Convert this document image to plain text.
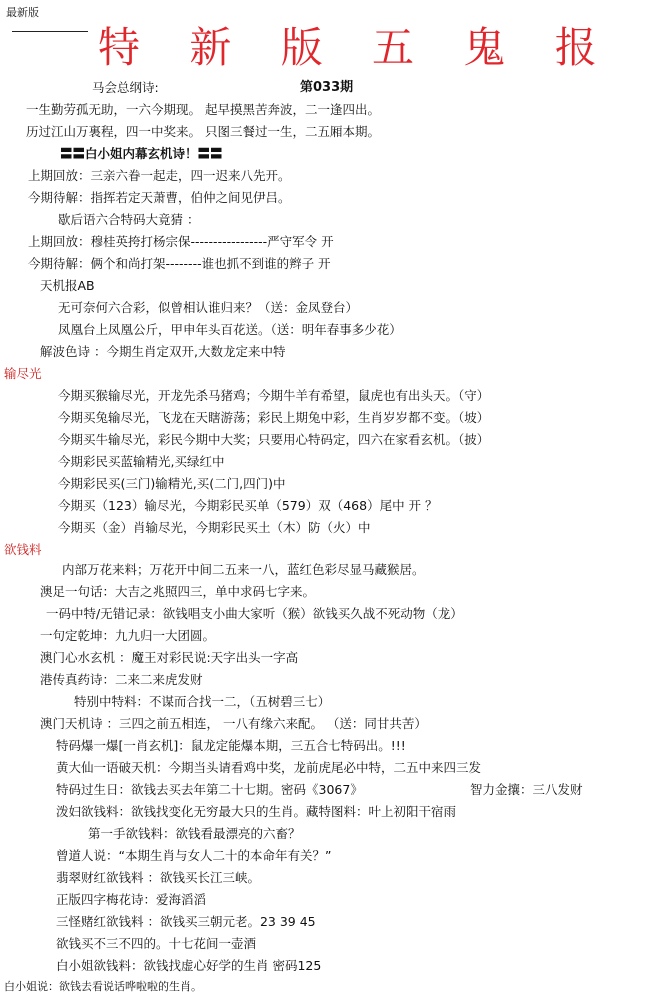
最新版
特 新 版 五 鬼 报
马会总纲诗:	第033期
一生勤劳孤无助，一六今期现。 起早摸黑苦奔波，二一逢四出。
历过江山万裏程，四一中奖来。 只图三餐过一生，二五厢本期。
〓〓白小姐内幕玄机诗！〓〓
上期回放：三亲六眷一起走，四一迟来八先开。
今期待解：指挥若定天萧曹，伯仲之间见伊吕。
歇后语六合特码大竟猜 ：
上期回放：穆桂英挎打杨宗保-----------------严守军令 开
今期待解：俩个和尚打架--------谁也抓不到谁的辫子 开
天机报AB
无可奈何六合彩，似曾相认谁归来？（送：金凤登台）
凤凰台上凤凰公斤，甲申年头百花送。（送：明年春事多少花）
解波色诗 ：今期生肖定双开,大数龙定来中特
输尽光
今期买猴输尽光，开龙先杀马猪鸡；今期牛羊有希望，鼠虎也有出头天。（守）
今期买兔输尽光，飞龙在天瞎游荡；彩民上期兔中彩，生肖岁岁都不变。（坡）
今期买牛输尽光，彩民今期中大奖；只要用心特码定，四六在家看玄机。（披）
今期彩民买蓝输精光,买绿红中
今期彩民买(三门)输精光,买(二门,四门)中
今期买（123）输尽光，今期彩民买单（579）双（468）尾中 开 ？
今期买（金）肖输尽光，今期彩民买土（木）防（火）中
欲钱料
内部万花来料；万花开中间二五来一八，蓝红色彩尽显马藏猴居。
澳足一句话：大吉之兆照四三，单中求码七字来。
一码中特/无错记录：欲钱唱支小曲大家听（猴）欲钱买久战不死动物（龙）
一句定乾坤：九九归一大团圆。
澳门心水玄机 ：魔王对彩民说:天字出头一字高
港传真药诗：二来二来虎发财
特别中特料：不谋而合找一二，（五树碧三七）
澳门天机诗 ：三四之前五相连， 一八有缘六来配。 （送：同甘共苦）
特码爆一爆[一肖玄机]：鼠龙定能爆本期，三五合七特码出。!!!
黄大仙一语破天机：今期当头请看鸡中奖，龙前虎尾必中特，二五中来四三发
特码过生日：欲钱去买去年第二十七期。密码《3067》	智力金攘：三八发财
泼妇欲钱料：欲钱找变化无穷最大只的生肖。藏特图料：叶上初阳干宿雨
第一手欲钱料：欲钱看最漂亮的六畜？
曾道人说：“本期生肖与女人二十的本命年有关？”
翡翠财红欲钱料 ：欲钱买长江三峡。
正版四字梅花诗：爱海滔滔
三怪赌红欲钱料 ：欲钱买三朝元老。23 39 45
欲钱买不三不四的。十七花间一壶酒
白小姐欲钱料：欲钱找虚心好学的生肖 密码125
白小姐说：欲钱去看说话哗啦啦的生肖。
